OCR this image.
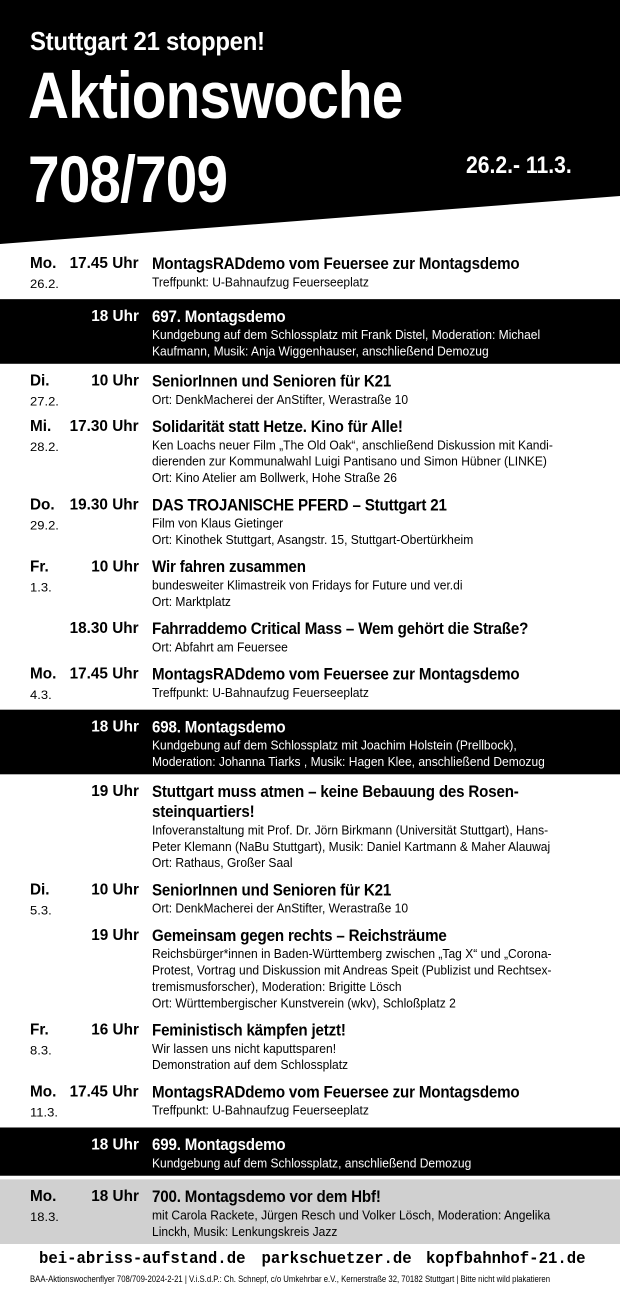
Stuttgart 21 stoppen!
Aktionswoche
708/709	26.2.- 11.3.
Mo. 17.45 Uhr
26.2.
MontagsRADdemo vom Feuersee zur Montagsdemo
Treffpunkt: U-Bahnaufzug Feuerseeplatz
18 Uhr 697. Montagsdemo
Kundgebung auf dem Schlossplatz mit Frank Distel, Moderation: Michael
Kaufmann, Musik: Anja Wiggenhauser, anschließend Demozug
Di. 10 Uhr
27.2.
SeniorInnen und Senioren für K21
Ort: DenkMacherei der AnStifter, Werastraße 10
Mi. 17.30 Uhr
28.2.
Solidarität statt Hetze. Kino für Alle!
Ken Loachs neuer Film „The Old Oak“, anschließend Diskussion mit Kandi-
dierenden zur Kommunalwahl Luigi Pantisano und Simon Hübner (LINKE)
Ort: Kino Atelier am Bollwerk, Hohe Straße 26
Do. 19.30 Uhr
29.2.
DAS TROJANISCHE PFERD – Stuttgart 21
Film von Klaus Gietinger
Ort: Kinothek Stuttgart, Asangstr. 15, Stuttgart-Obertürkheim
Fr.	10 Uhr
1.3.
Wir fahren zusammen
bundesweiter Klimastreik von Fridays for Future und ver.di
Ort: Marktplatz
18.30 Uhr Fahrraddemo Critical Mass – Wem gehört die Straße?
Ort: Abfahrt am Feuersee
Mo. 17.45 Uhr
4.3.
MontagsRADdemo vom Feuersee zur Montagsdemo
Treffpunkt: U-Bahnaufzug Feuerseeplatz
18 Uhr 698. Montagsdemo
Kundgebung auf dem Schlossplatz mit Joachim Holstein (Prellbock),
Moderation: Johanna Tiarks , Musik: Hagen Klee, anschließend Demozug
19 Uhr Stuttgart muss atmen – keine Bebauung des Rosen-
steinquartiers!
Infoveranstaltung mit Prof. Dr. Jörn Birkmann (Universität Stuttgart), Hans-
Peter Klemann (NaBu Stuttgart), Musik: Daniel Kartmann & Maher Alauwaj
Ort: Rathaus, Großer Saal
Di. 10 Uhr
5.3.
SeniorInnen und Senioren für K21
Ort: DenkMacherei der AnStifter, Werastraße 10
19 Uhr Gemeinsam gegen rechts – Reichsträume
Reichsbürger*innen in Baden-Württemberg zwischen „Tag X“ und „Corona-
Protest, Vortrag und Diskussion mit Andreas Speit (Publizist und Rechtsex-
tremismusforscher), Moderation: Brigitte Lösch
Ort: Württembergischer Kunstverein (wkv), Schloßplatz 2
Fr.	16 Uhr
8.3.
Feministisch kämpfen jetzt!
Wir lassen uns nicht kaputtsparen!
Demonstration auf dem Schlossplatz
Mo. 17.45 Uhr
11.3.
MontagsRADdemo vom Feuersee zur Montagsdemo
Treffpunkt: U-Bahnaufzug Feuerseeplatz
18 Uhr 699. Montagsdemo
Kundgebung auf dem Schlossplatz, anschließend Demozug
Mo. 18 Uhr
18.3.
700. Montagsdemo vor dem Hbf!
mit Carola Rackete, Jürgen Resch und Volker Lösch, Moderation: Angelika
Linckh, Musik: Lenkungskreis Jazz
bei-abriss-aufstand.de parkschuetzer.de kopfbahnhof-21.de
BAA-Aktionswochenflyer 708/709-2024-2-21 | V.i.S.d.P.: Ch. Schnepf, c/o Umkehrbar e.V., Kernerstraße 32, 70182 Stuttgart | Bitte nicht wild plakatieren
